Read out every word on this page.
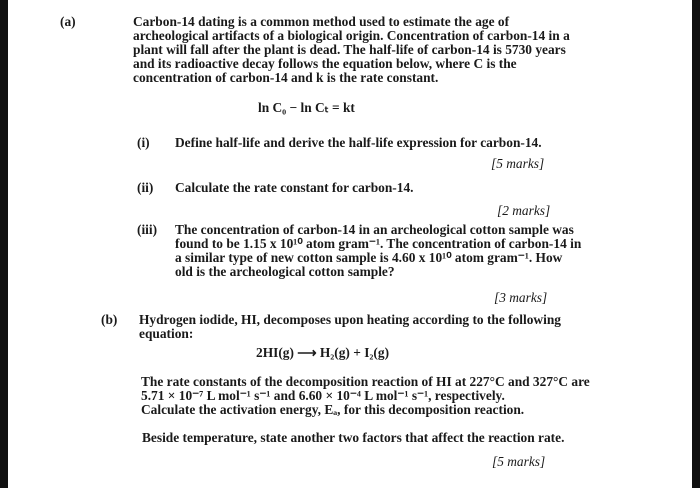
(a)	Carbon-14 dating is a common method used to estimate the age of
archeological artifacts of a biological origin. Concentration of carbon-14 in a
plant will fall after the plant is dead. The half-life of carbon-14 is 5730 years
and its radioactive decay follows the equation below, where C is the
concentration of carbon-14 and k is the rate constant.
ln C₀ − ln Cₜ = kt
(i) Define half-life and derive the half-life expression for carbon-14.
[5 marks]
(ii) Calculate the rate constant for carbon-14.
[2 marks]
(iii) The concentration of carbon-14 in an archeological cotton sample was
found to be 1.15 x 10¹⁰ atom gram⁻¹. The concentration of carbon-14 in
a similar type of new cotton sample is 4.60 x 10¹⁰ atom gram⁻¹. How
old is the archeological cotton sample?
[3 marks]
(b) Hydrogen iodide, HI, decomposes upon heating according to the following
equation:
2HI(g) ⟶ H₂(g) + I₂(g)
The rate constants of the decomposition reaction of HI at 227°C and 327°C are
5.71 × 10⁻⁷ L mol⁻¹ s⁻¹ and 6.60 × 10⁻⁴ L mol⁻¹ s⁻¹, respectively.
Calculate the activation energy, Eₐ, for this decomposition reaction.
Beside temperature, state another two factors that affect the reaction rate.
[5 marks]
